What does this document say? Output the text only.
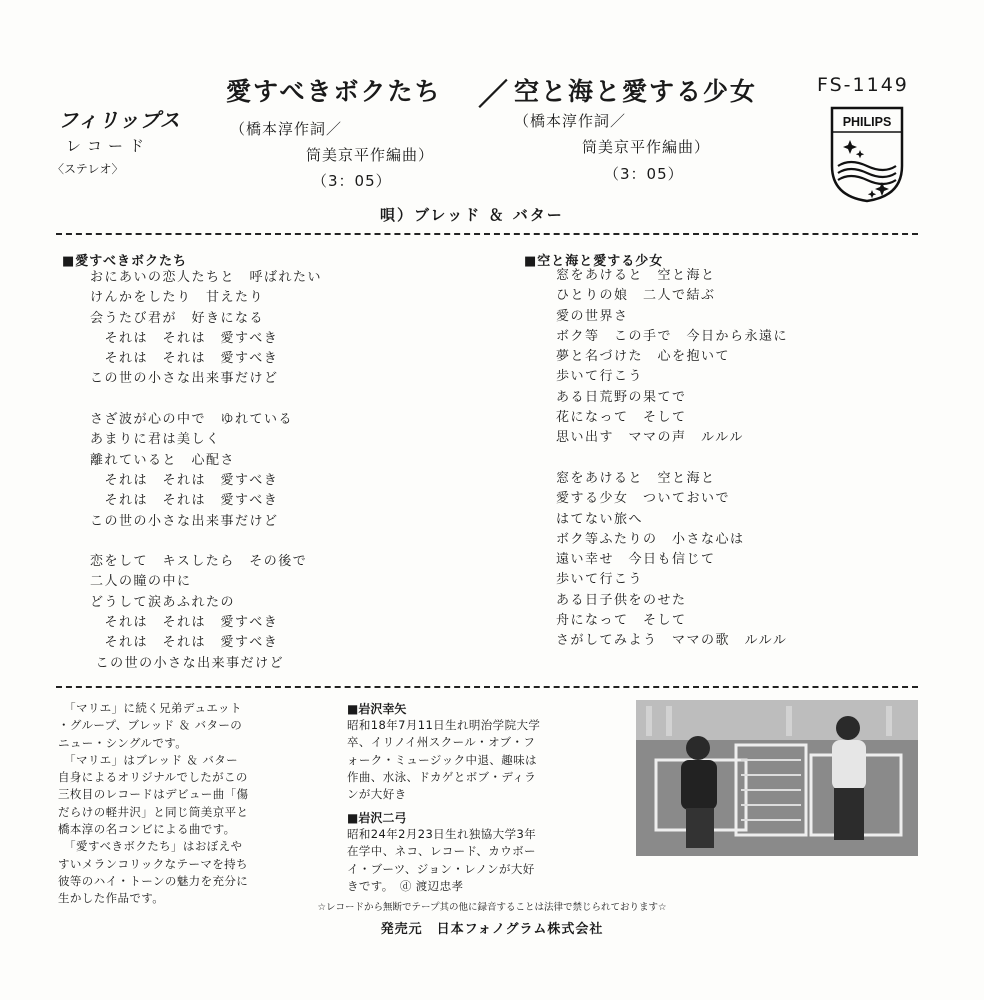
フィリップス
レコード
〈ステレオ〉
愛すべきボクたち ／ 空と海と愛する少女
（橋本淳作詞／
筒美京平作編曲）
（3：05）
（橋本淳作詞／
筒美京平作編曲）
（3：05）
FS-1149
PHILIPS
唄）ブレッド ＆ バター
■愛すべきボクたち
おにあいの恋人たちと　呼ばれたい
けんかをしたり　甘えたり
会うたび君が　好きになる
　それは　それは　愛すべき
　それは　それは　愛すべき
この世の小さな出来事だけど

さざ波が心の中で　ゆれている
あまりに君は美しく
離れていると　心配さ
　それは　それは　愛すべき
　それは　それは　愛すべき
この世の小さな出来事だけど

恋をして　キスしたら　その後で
二人の瞳の中に
どうして涙あふれたの
　それは　それは　愛すべき
　それは　それは　愛すべき
この世の小さな出来事だけど
■空と海と愛する少女
窓をあけると　空と海と
ひとりの娘　二人で結ぶ
愛の世界さ
ボク等　この手で　今日から永遠に
夢と名づけた　心を抱いて
歩いて行こう
ある日荒野の果てで
花になって　そして
思い出す　ママの声　ルルル

窓をあけると　空と海と
愛する少女　ついておいで
はてない旅へ
ボク等ふたりの　小さな心は
遠い幸せ　今日も信じて
歩いて行こう
ある日子供をのせた
舟になって　そして
さがしてみよう　ママの歌　ルルル
　「マリエ」に続く兄弟デュエット
・グループ、ブレッド ＆ バターの
ニュー・シングルです。
　「マリエ」はブレッド ＆ バター
自身によるオリジナルでしたがこの
三枚目のレコードはデビュー曲「傷
だらけの軽井沢」と同じ筒美京平と
橋本淳の名コンビによる曲です。
　「愛すべきボクたち」はおぼえや
すいメランコリックなテーマを持ち
彼等のハイ・トーンの魅力を充分に
生かした作品です。
■岩沢幸矢
昭和18年7月11日生れ明治学院大学
卒、イリノイ州スクール・オブ・フ
ォーク・ミュージック中退、趣味は
作曲、水泳、ドカゲとボブ・ディラ
ンが大好き
■岩沢二弓
昭和24年2月23日生れ独協大学3年
在学中、ネコ、レコード、カウボー
イ・ブーツ、ジョン・レノンが大好
きです。　ⓓ 渡辺忠孝
☆レコードから無断でテープ其の他に録音することは法律で禁じられております☆
発売元　日本フォノグラム株式会社
